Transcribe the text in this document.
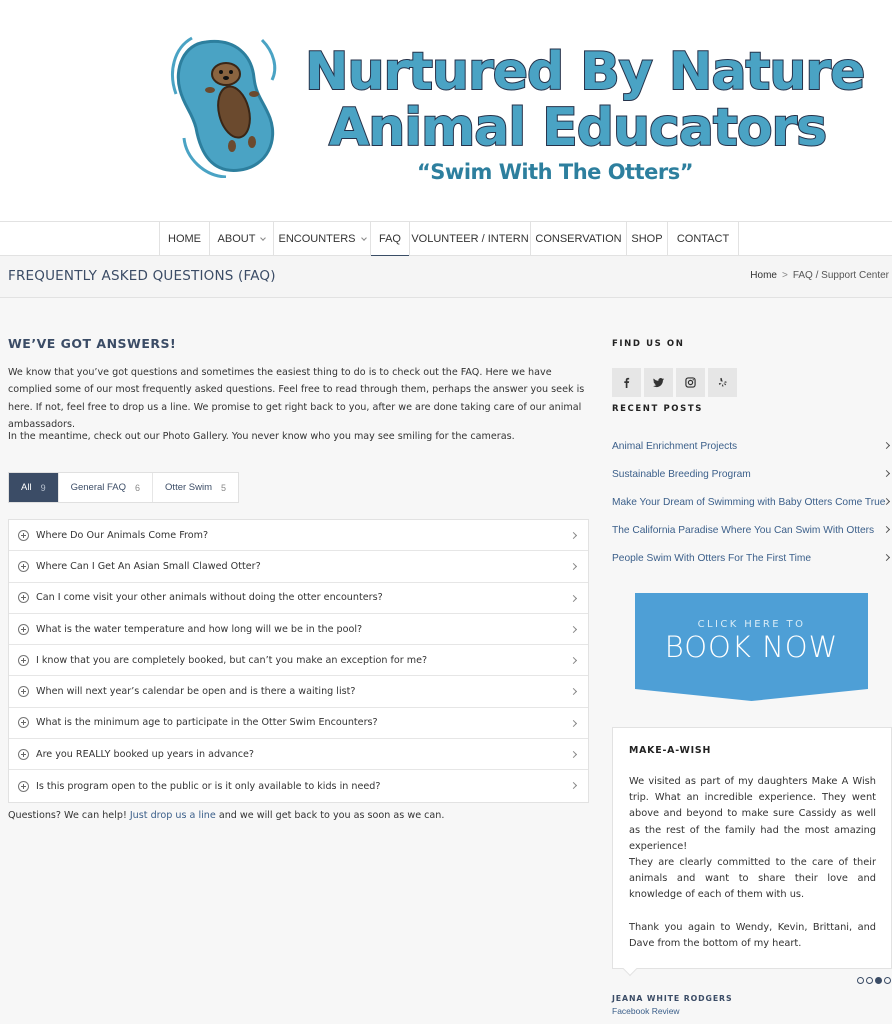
Nurtured By Nature
Animal Educators
“Swim With The Otters”
HOME ABOUT ENCOUNTERS FAQ VOLUNTEER / INTERN CONSERVATION SHOP CONTACT
FREQUENTLY ASKED QUESTIONS (FAQ)	Home > FAQ / Support Center
WE’VE GOT ANSWERS!
We know that you’ve got questions and sometimes the easiest thing to do is to check out the FAQ. Here we have complied some of our most frequently asked questions. Feel free to read through them, perhaps the answer you seek is here. If not, feel free to drop us a line. We promise to get right back to you, after we are done taking care of our animal ambassadors.
In the meantime, check out our Photo Gallery. You never know who you may see smiling for the cameras.
All 9	General FAQ 6	Otter Swim 5
Where Do Our Animals Come From?
Where Can I Get An Asian Small Clawed Otter?
Can I come visit your other animals without doing the otter encounters?
What is the water temperature and how long will we be in the pool?
I know that you are completely booked, but can’t you make an exception for me?
When will next year’s calendar be open and is there a waiting list?
What is the minimum age to participate in the Otter Swim Encounters?
Are you REALLY booked up years in advance?
Is this program open to the public or is it only available to kids in need?
Questions? We can help! Just drop us a line and we will get back to you as soon as we can.
FIND US ON
RECENT POSTS
Animal Enrichment Projects
Sustainable Breeding Program
Make Your Dream of Swimming with Baby Otters Come True
The California Paradise Where You Can Swim With Otters
People Swim With Otters For The First Time
CLICK HERE TO
BOOK NOW
MAKE-A-WISH
We visited as part of my daughters Make A Wish trip. What an incredible experience. They went above and beyond to make sure Cassidy as well as the rest of the family had the most amazing experience!
They are clearly committed to the care of their animals and want to share their love and knowledge of each of them with us.
Thank you again to Wendy, Kevin, Brittani, and Dave from the bottom of my heart.
JEANA WHITE RODGERS
Facebook Review
